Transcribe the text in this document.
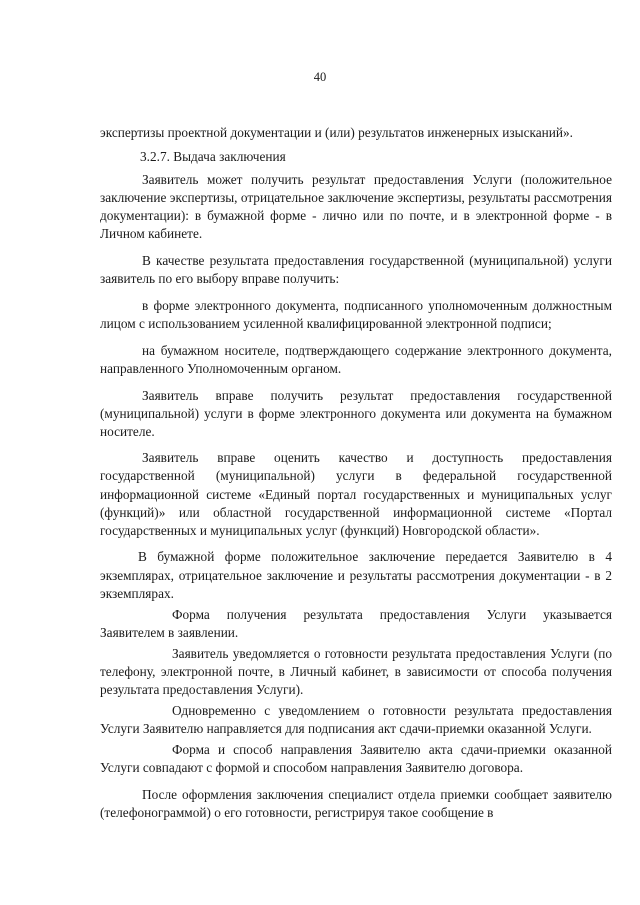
40

экспертизы проектной документации и (или) результатов инженерных изысканий».

3.2.7. Выдача заключения

Заявитель может получить результат предоставления Услуги (положительное заключение экспертизы, отрицательное заключение экспертизы, результаты рассмотрения документации): в бумажной форме - лично или по почте, и в электронной форме - в Личном кабинете.

В качестве результата предоставления государственной (муниципальной) услуги заявитель по его выбору вправе получить:

в форме электронного документа, подписанного уполномоченным должностным лицом с использованием усиленной квалифицированной электронной подписи;

на бумажном носителе, подтверждающего содержание электронного документа, направленного Уполномоченным органом.

Заявитель вправе получить результат предоставления государственной (муниципальной) услуги в форме электронного документа или документа на бумажном носителе.

Заявитель вправе оценить качество и доступность предоставления государственной (муниципальной) услуги в федеральной государственной информационной системе «Единый портал государственных и муниципальных услуг (функций)» или областной государственной информационной системе «Портал государственных и муниципальных услуг (функций) Новгородской области».

В бумажной форме положительное заключение передается Заявителю в 4 экземплярах, отрицательное заключение и результаты рассмотрения документации - в 2 экземплярах.

Форма получения результата предоставления Услуги указывается Заявителем в заявлении.

Заявитель уведомляется о готовности результата предоставления Услуги (по телефону, электронной почте, в Личный кабинет, в зависимости от способа получения результата предоставления Услуги).

Одновременно с уведомлением о готовности результата предоставления Услуги Заявителю направляется для подписания акт сдачи-приемки оказанной Услуги.

Форма и способ направления Заявителю акта сдачи-приемки оказанной Услуги совпадают с формой и способом направления Заявителю договора.

После оформления заключения специалист отдела приемки сообщает заявителю (телефонограммой) о его готовности, регистрируя такое сообщение в
